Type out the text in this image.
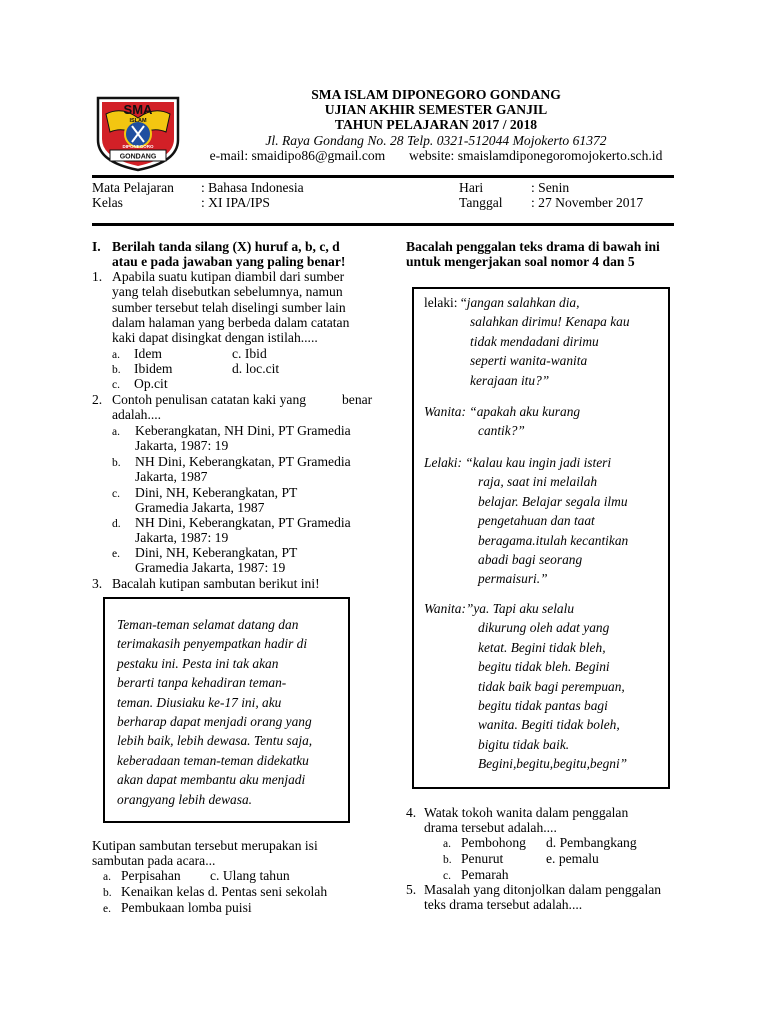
SMA
ISLAM
DIPONEGORO
GONDANG
SMA ISLAM DIPONEGORO GONDANG
UJIAN AKHIR SEMESTER GANJIL
TAHUN PELAJARAN 2017 / 2018
Jl. Raya Gondang No. 28 Telp. 0321-512044 Mojokerto 61372
e-mail: smaidipo86@gmail.com website: smaislamdiponegoromojokerto.sch.id
Mata Pelajaran : Bahasa Indonesia	Hari	: Senin
Kelas	: XI IPA/IPS	Tanggal : 27 November 2017
I. Berilah tanda silang (X) huruf a, b, c, d
atau e pada jawaban yang paling benar!
1. Apabila suatu kutipan diambil dari sumber
yang telah disebutkan sebelumnya, namun
sumber tersebut telah diselingi sumber lain
dalam halaman yang berbeda dalam catatan
kaki dapat disingkat dengan istilah.....
a. Idem	c. Ibid
b. Ibidem	d. loc.cit
c. Op.cit
2. Contoh penulisan catatan kaki yang	benar
adalah....
a. Keberangkatan, NH Dini, PT Gramedia
Jakarta, 1987: 19
b. NH Dini, Keberangkatan, PT Gramedia
Jakarta, 1987
c. Dini, NH, Keberangkatan, PT
Gramedia Jakarta, 1987
d. NH Dini, Keberangkatan, PT Gramedia
Jakarta, 1987: 19
e. Dini, NH, Keberangkatan, PT
Gramedia Jakarta, 1987: 19
3. Bacalah kutipan sambutan berikut ini!
Teman-teman selamat datang dan
terimakasih penyempatkan hadir di
pestaku ini. Pesta ini tak akan
berarti tanpa kehadiran teman-
teman. Diusiaku ke-17 ini, aku
berharap dapat menjadi orang yang
lebih baik, lebih dewasa. Tentu saja,
keberadaan teman-teman didekatku
akan dapat membantu aku menjadi
orangyang lebih dewasa.
Kutipan sambutan tersebut merupakan isi
sambutan pada acara...
a. Perpisahan c. Ulang tahun
b. Kenaikan kelas d. Pentas seni sekolah
e. Pembukaan lomba puisi
Bacalah penggalan teks drama di bawah ini
untuk mengerjakan soal nomor 4 dan 5
lelaki: “jangan salahkan dia,
salahkan dirimu! Kenapa kau
tidak mendadani dirimu
seperti wanita-wanita
kerajaan itu?”
Wanita: “apakah aku kurang
cantik?”
Lelaki: “kalau kau ingin jadi isteri
raja, saat ini melailah
belajar. Belajar segala ilmu
pengetahuan dan taat
beragama.itulah kecantikan
abadi bagi seorang
permaisuri.”
Wanita:”ya. Tapi aku selalu
dikurung oleh adat yang
ketat. Begini tidak bleh,
begitu tidak bleh. Begini
tidak baik bagi perempuan,
begitu tidak pantas bagi
wanita. Begiti tidak boleh,
bigitu tidak baik.
Begini,begitu,begitu,begni”
4. Watak tokoh wanita dalam penggalan
drama tersebut adalah....
a. Pembohong d. Pembangkang
b. Penurut	e. pemalu
c. Pemarah
5. Masalah yang ditonjolkan dalam penggalan
teks drama tersebut adalah....
